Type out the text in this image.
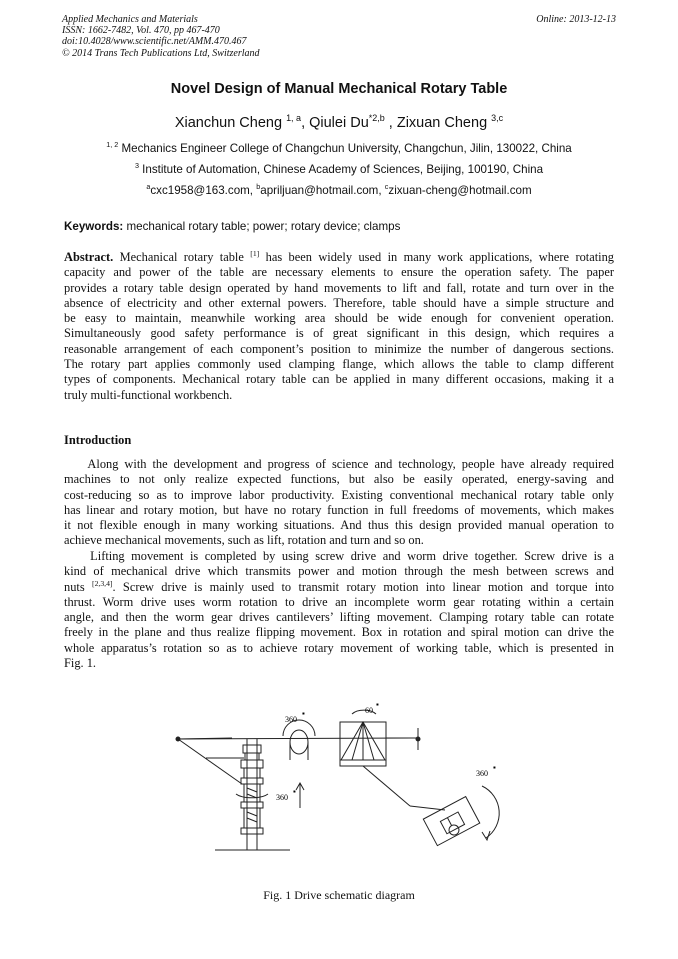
Applied Mechanics and Materials
ISSN: 1662-7482, Vol. 470, pp 467-470
doi:10.4028/www.scientific.net/AMM.470.467
© 2014 Trans Tech Publications Ltd, Switzerland
Online: 2013-12-13
Novel Design of Manual Mechanical Rotary Table
Xianchun Cheng $^{1, a}$, Qiulei Du$^{*2,b}$ , Zixuan Cheng $^{3,c}$
$^{1, 2}$ Mechanics Engineer College of Changchun University, Changchun, Jilin, 130022, China
$^3$ Institute of Automation, Chinese Academy of Sciences, Beijing, 100190, China
$^a$cxc1958@163.com, $^b$apriljuan@hotmail.com, $^c$zixuan-cheng@hotmail.com
Keywords: mechanical rotary table; power; rotary device; clamps
Abstract. Mechanical rotary table [1] has been widely used in many work applications, where rotating
capacity and power of the table are necessary elements to ensure the operation safety. The paper
provides a rotary table design operated by hand movements to lift and fall, rotate and turn over in the
absence of electricity and other external powers. Therefore, table should have a simple structure and
be easy to maintain, meanwhile working area should be wide enough for convenient operation.
Simultaneously good safety performance is of great significant in this design, which requires a
reasonable arrangement of each component’s position to minimize the number of dangerous sections.
The rotary part applies commonly used clamping flange, which allows the table to clamp different
types of components. Mechanical rotary table can be applied in many different occasions, making it a
truly multi-functional workbench.
Introduction
Along with the development and progress of science and technology, people have already required
machines to not only realize expected functions, but also be easily operated, energy-saving and
cost-reducing so as to improve labor productivity. Existing conventional mechanical rotary table only
has linear and rotary motion, but have no rotary function in full freedoms of movements, which makes
it not flexible enough in many working situations. And thus this design provided manual operation to
achieve mechanical movements, such as lift, rotation and turn and so on.
Lifting movement is completed by using screw drive and worm drive together. Screw drive is a
kind of mechanical drive which transmits power and motion through the mesh between screws and
nuts [2,3,4]. Screw drive is mainly used to transmit rotary motion into linear motion and torque into
thrust. Worm drive uses worm rotation to drive an incomplete worm gear rotating within a certain
angle, and then the worm gear drives cantilevers’ lifting movement. Clamping rotary table can rotate
freely in the plane and thus realize flipping movement. Box in rotation and spiral motion can drive the
whole apparatus’s rotation so as to achieve rotary movement of working table, which is presented in
Fig. 1.
360
▪	60
▪
360
▪
360
▪
Fig. 1 Drive schematic diagram
